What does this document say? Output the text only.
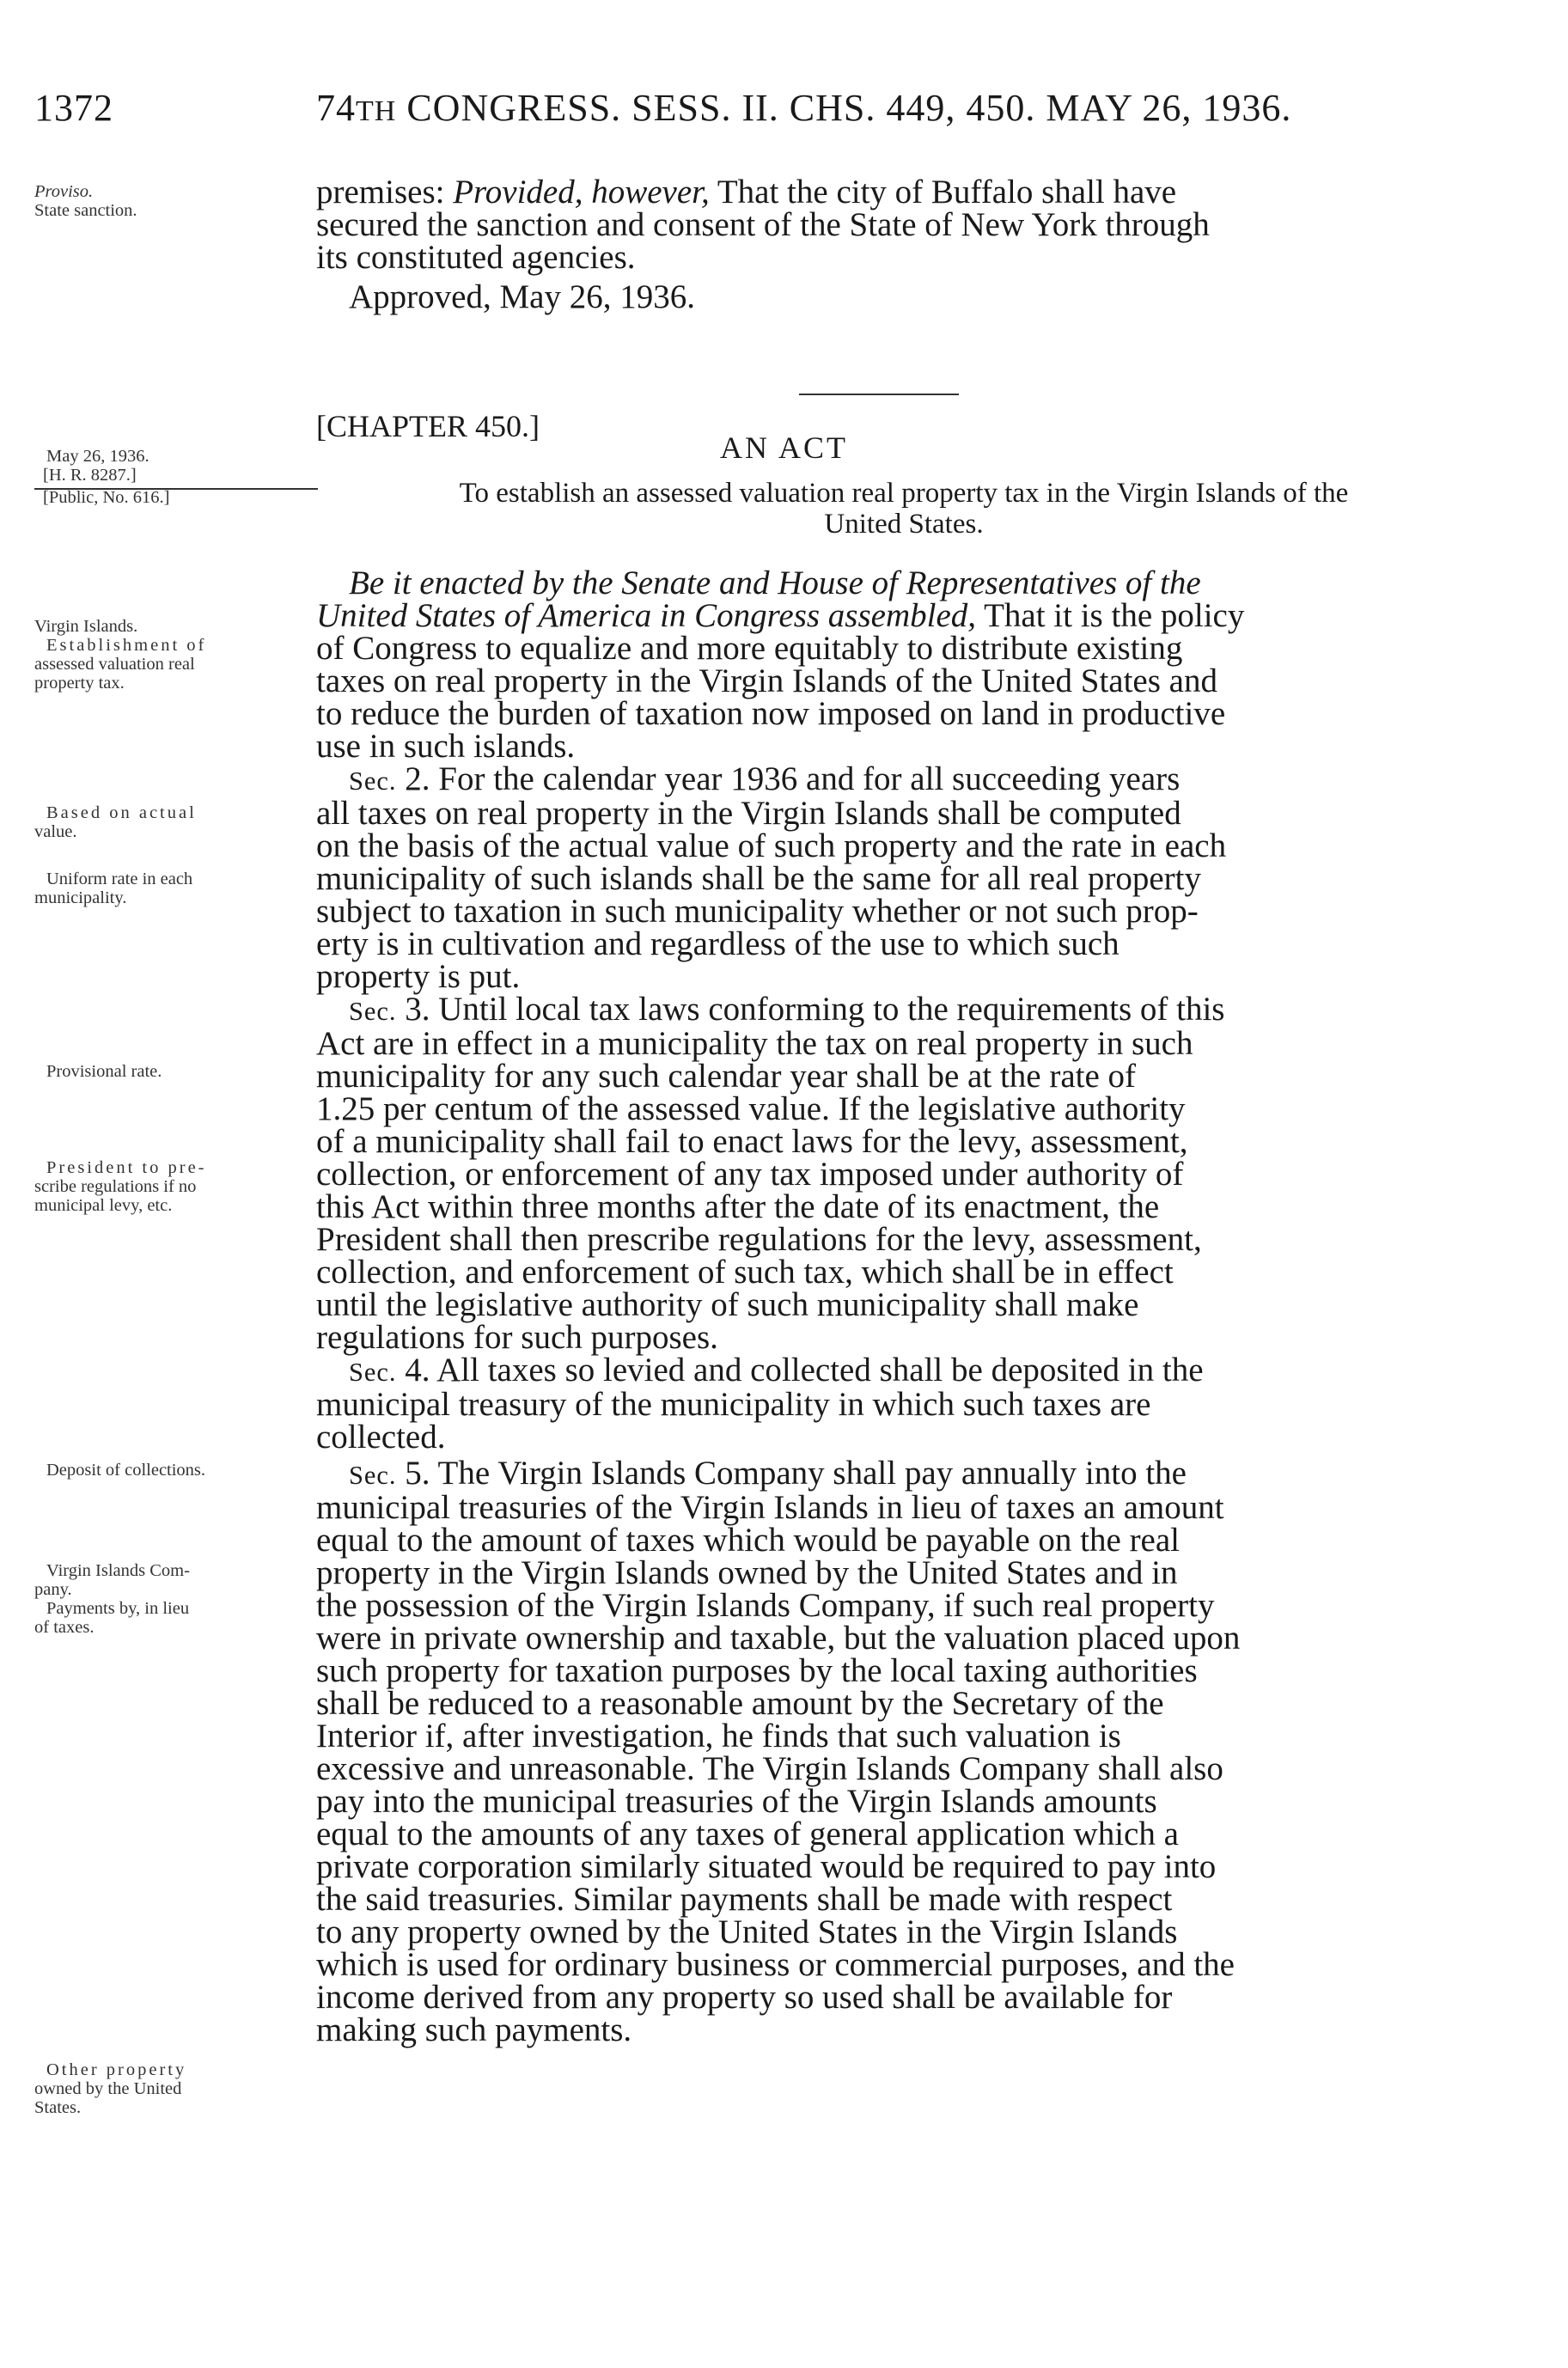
1372	74TH CONGRESS. SESS. II. CHS. 449, 450. MAY 26, 1936.
Proviso.
State sanction.
May 26, 1936.
[H. R. 8287.]
[Public, No. 616.]
Virgin Islands.
Establishment of
assessed valuation real
property tax.
Based on actual
value.
Uniform rate in each
municipality.
Provisional rate.
President to pre-
scribe regulations if no
municipal levy, etc.
Deposit of collections.
Virgin Islands Com-
pany.
Payments by, in lieu
of taxes.
Other property
owned by the United
States.
premises: Provided, however, That the city of Buffalo shall have
secured the sanction and consent of the State of New York through
its constituted agencies.
Approved, May 26, 1936.
[CHAPTER 450.]
AN ACT
To establish an assessed valuation real property tax in the Virgin Islands of the
United States.
Be it enacted by the Senate and House of Representatives of the
United States of America in Congress assembled, That it is the policy
of Congress to equalize and more equitably to distribute existing
taxes on real property in the Virgin Islands of the United States and
to reduce the burden of taxation now imposed on land in productive
use in such islands.
Sec. 2. For the calendar year 1936 and for all succeeding years
all taxes on real property in the Virgin Islands shall be computed
on the basis of the actual value of such property and the rate in each
municipality of such islands shall be the same for all real property
subject to taxation in such municipality whether or not such prop-
erty is in cultivation and regardless of the use to which such
property is put.
Sec. 3. Until local tax laws conforming to the requirements of this
Act are in effect in a municipality the tax on real property in such
municipality for any such calendar year shall be at the rate of
1.25 per centum of the assessed value. If the legislative authority
of a municipality shall fail to enact laws for the levy, assessment,
collection, or enforcement of any tax imposed under authority of
this Act within three months after the date of its enactment, the
President shall then prescribe regulations for the levy, assessment,
collection, and enforcement of such tax, which shall be in effect
until the legislative authority of such municipality shall make
regulations for such purposes.
Sec. 4. All taxes so levied and collected shall be deposited in the
municipal treasury of the municipality in which such taxes are
collected.
Sec. 5. The Virgin Islands Company shall pay annually into the
municipal treasuries of the Virgin Islands in lieu of taxes an amount
equal to the amount of taxes which would be payable on the real
property in the Virgin Islands owned by the United States and in
the possession of the Virgin Islands Company, if such real property
were in private ownership and taxable, but the valuation placed upon
such property for taxation purposes by the local taxing authorities
shall be reduced to a reasonable amount by the Secretary of the
Interior if, after investigation, he finds that such valuation is
excessive and unreasonable. The Virgin Islands Company shall also
pay into the municipal treasuries of the Virgin Islands amounts
equal to the amounts of any taxes of general application which a
private corporation similarly situated would be required to pay into
the said treasuries. Similar payments shall be made with respect
to any property owned by the United States in the Virgin Islands
which is used for ordinary business or commercial purposes, and the
income derived from any property so used shall be available for
making such payments.
